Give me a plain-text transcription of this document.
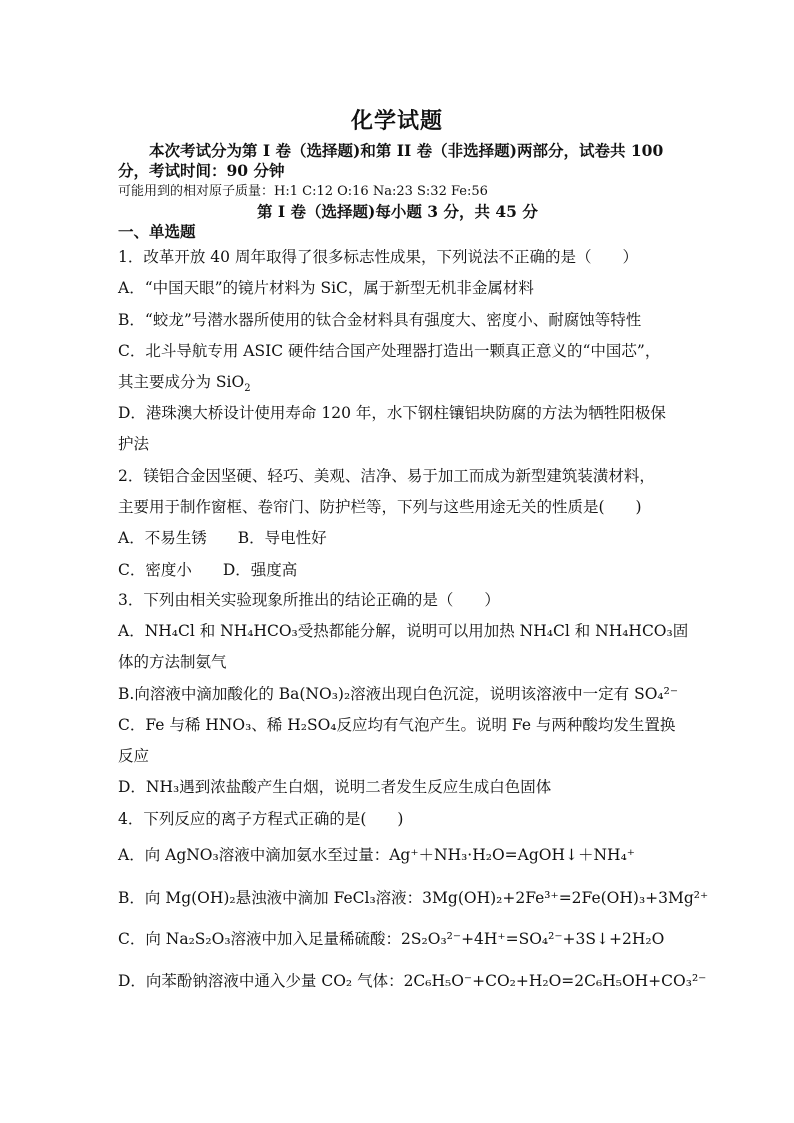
化学试题
本次考试分为第 I 卷（选择题)和第 II 卷（非选择题)两部分，试卷共 100
分，考试时间：90 分钟
可能用到的相对原子质量：H:1 C:12 O:16 Na:23 S:32 Fe:56
第 I 卷（选择题)每小题 3 分，共 45 分
一、单选题
1．改革开放 40 周年取得了很多标志性成果，下列说法不正确的是（　　）
A．“中国天眼”的镜片材料为 SiC，属于新型无机非金属材料
B．“蛟龙”号潜水器所使用的钛合金材料具有强度大、密度小、耐腐蚀等特性
C．北斗导航专用 ASIC 硬件结合国产处理器打造出一颗真正意义的“中国芯”，
其主要成分为 SiO$_2$
D．港珠澳大桥设计使用寿命 120 年，水下钢柱镶铝块防腐的方法为牺牲阳极保
护法
2．镁铝合金因坚硬、轻巧、美观、洁净、易于加工而成为新型建筑装潢材料，
主要用于制作窗框、卷帘门、防护栏等，下列与这些用途无关的性质是(　　)
A．不易生锈　　B．导电性好
C．密度小　　D．强度高
3．下列由相关实验现象所推出的结论正确的是（　　）
A．NH₄Cl 和 NH₄HCO₃受热都能分解，说明可以用加热 NH₄Cl 和 NH₄HCO₃固
体的方法制氨气
B.向溶液中滴加酸化的 Ba(NO₃)₂溶液出现白色沉淀，说明该溶液中一定有 SO₄²⁻
C．Fe 与稀 HNO₃、稀 H₂SO₄反应均有气泡产生。说明 Fe 与两种酸均发生置换
反应
D．NH₃遇到浓盐酸产生白烟，说明二者发生反应生成白色固体
4．下列反应的离子方程式正确的是(　　)
A．向 AgNO₃溶液中滴加氨水至过量：Ag⁺＋NH₃·H₂O=AgOH↓＋NH₄⁺
B．向 Mg(OH)₂悬浊液中滴加 FeCl₃溶液：3Mg(OH)₂+2Fe³⁺=2Fe(OH)₃+3Mg²⁺
C．向 Na₂S₂O₃溶液中加入足量稀硫酸：2S₂O₃²⁻+4H⁺=SO₄²⁻+3S↓+2H₂O
D．向苯酚钠溶液中通入少量 CO₂ 气体：2C₆H₅O⁻+CO₂+H₂O=2C₆H₅OH+CO₃²⁻
